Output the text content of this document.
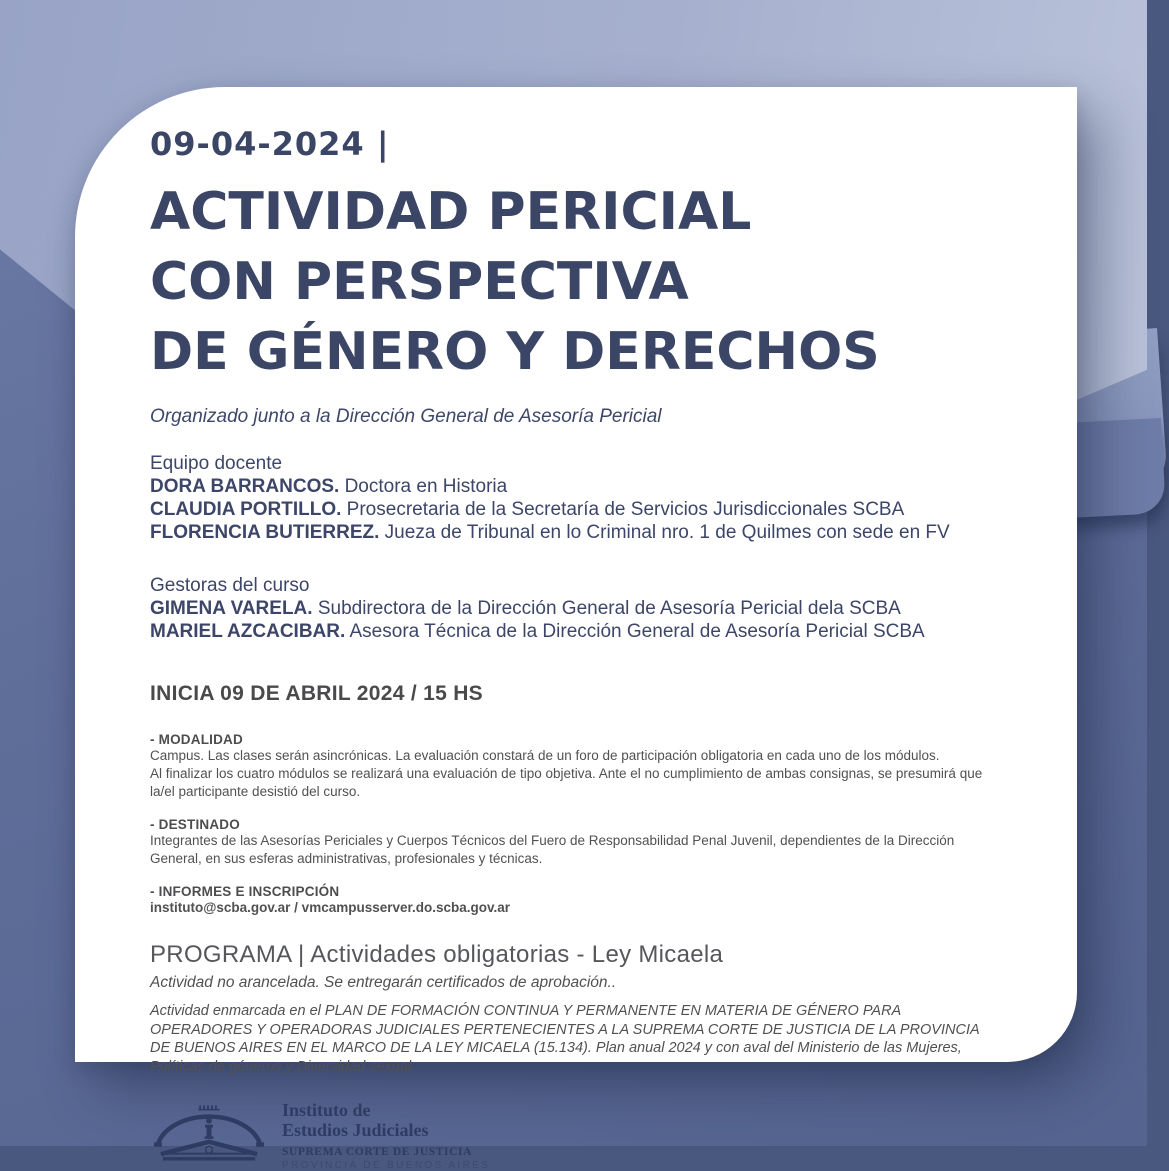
09-04-2024 |
ACTIVIDAD PERICIAL
CON PERSPECTIVA
DE GÉNERO Y DERECHOS
Organizado junto a la Dirección General de Asesoría Pericial
Equipo docente
DORA BARRANCOS. Doctora en Historia
CLAUDIA PORTILLO. Prosecretaria de la Secretaría de Servicios Jurisdiccionales SCBA
FLORENCIA BUTIERREZ. Jueza de Tribunal en lo Criminal nro. 1 de Quilmes con sede en FV
Gestoras del curso
GIMENA VARELA. Subdirectora de la Dirección General de Asesoría Pericial dela SCBA
MARIEL AZCACIBAR. Asesora Técnica de la Dirección General de Asesoría Pericial SCBA
INICIA 09 DE ABRIL 2024 / 15 HS
- MODALIDAD
Campus. Las clases serán asincrónicas. La evaluación constará de un foro de participación obligatoria en cada uno de los módulos.
Al finalizar los cuatro módulos se realizará una evaluación de tipo objetiva. Ante el no cumplimiento de ambas consignas, se presumirá que la/el participante desistió del curso.
- DESTINADO
Integrantes de las Asesorías Periciales y Cuerpos Técnicos del Fuero de Responsabilidad Penal Juvenil, dependientes de la Dirección General, en sus esferas administrativas, profesionales y técnicas.
- INFORMES E INSCRIPCIÓN
instituto@scba.gov.ar / vmcampusserver.do.scba.gov.ar
PROGRAMA | Actividades obligatorias - Ley Micaela
Actividad no arancelada. Se entregarán certificados de aprobación..
Actividad enmarcada en el PLAN DE FORMACIÓN CONTINUA Y PERMANENTE EN MATERIA DE GÉNERO PARA OPERADORES Y OPERADORAS JUDICIALES PERTENECIENTES A LA SUPREMA CORTE DE JUSTICIA DE LA PROVINCIA DE BUENOS AIRES EN EL MARCO DE LA LEY MICAELA (15.134). Plan anual 2024 y con aval del Ministerio de las Mujeres, Políticas de géneros y Diversidad sexual.
Instituto de
Estudios Judiciales
SUPREMA CORTE DE JUSTICIA
PROVINCIA DE BUENOS AIRES
